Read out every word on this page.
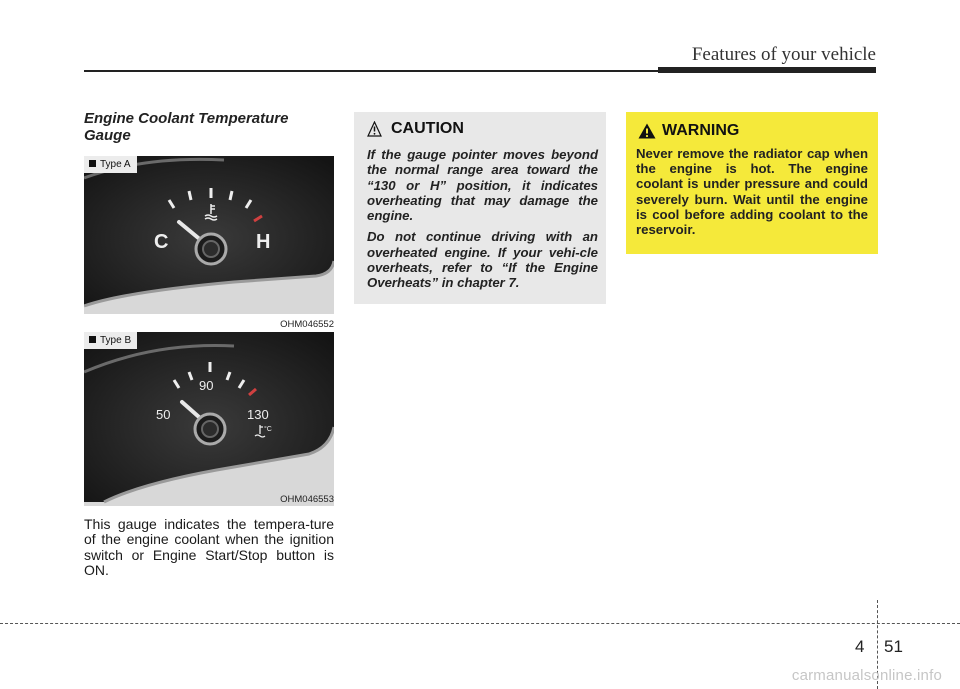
Features of your vehicle
Engine Coolant Temperature Gauge
Type A
C	H
OHM046552
Type B
90
50	130
°C
OHM046553
This gauge indicates the tempera-ture of the engine coolant when the ignition switch or Engine Start/Stop button is ON.
CAUTION

If the gauge pointer moves beyond the normal range area toward the “130 or H” position, it indicates overheating that may damage the engine.

Do not continue driving with an overheated engine. If your vehi-cle overheats, refer to “If the Engine Overheats” in chapter 7.

WARNING

Never remove the radiator cap when the engine is hot. The engine coolant is under pressure and could severely burn. Wait until the engine is cool before adding coolant to the reservoir.

4 51
carmanualsonline.info
